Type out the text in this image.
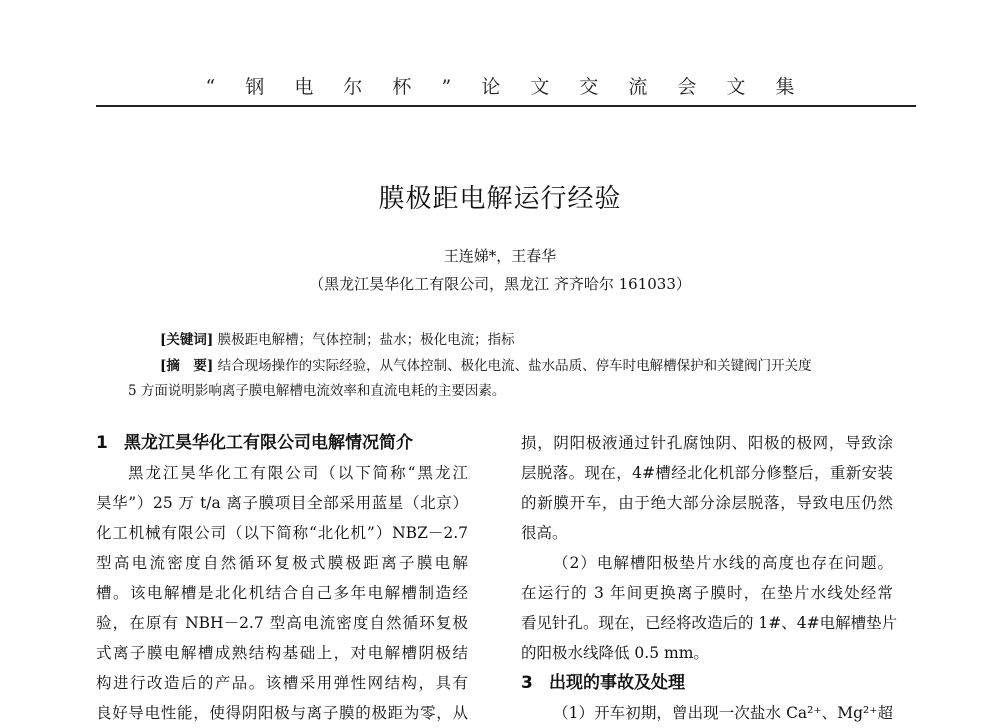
“ 钢 电 尔 杯 ” 论 文 交 流 会 文 集
膜极距电解运行经验
王连娣*，王春华
（黑龙江昊华化工有限公司，黑龙江 齐齐哈尔 161033）
[关键词] 膜极距电解槽；气体控制；盐水；极化电流；指标
[摘　要] 结合现场操作的实际经验，从气体控制、极化电流、盐水品质、停车时电解槽保护和关键阀门开关度
5 方面说明影响离子膜电解槽电流效率和直流电耗的主要因素。
1 黑龙江昊华化工有限公司电解情况简介
黑龙江昊华化工有限公司（以下简称“黑龙江
昊华”）25 万 t/a 离子膜项目全部采用蓝星（北京）
化工机械有限公司（以下简称“北化机”）NBZ－2.7
型高电流密度自然循环复极式膜极距离子膜电解
槽。该电解槽是北化机结合自己多年电解槽制造经
验，在原有 NBH－2.7 型高电流密度自然循环复极
式离子膜电解槽成熟结构基础上，对电解槽阴极结
构进行改造后的产品。该槽采用弹性网结构，具有
良好导电性能，使得阴阳极与离子膜的极距为零，从
损，阴阳极液通过针孔腐蚀阴、阳极的极网，导致涂
层脱落。现在，4#槽经北化机部分修整后，重新安装
的新膜开车，由于绝大部分涂层脱落，导致电压仍然
很高。
（2）电解槽阳极垫片水线的高度也存在问题。
在运行的 3 年间更换离子膜时，在垫片水线处经常
看见针孔。现在，已经将改造后的 1#、4#电解槽垫片
的阳极水线降低 0.5 mm。
3 出现的事故及处理
（1）开车初期，曾出现一次盐水 Ca²⁺、Mg²⁺超
